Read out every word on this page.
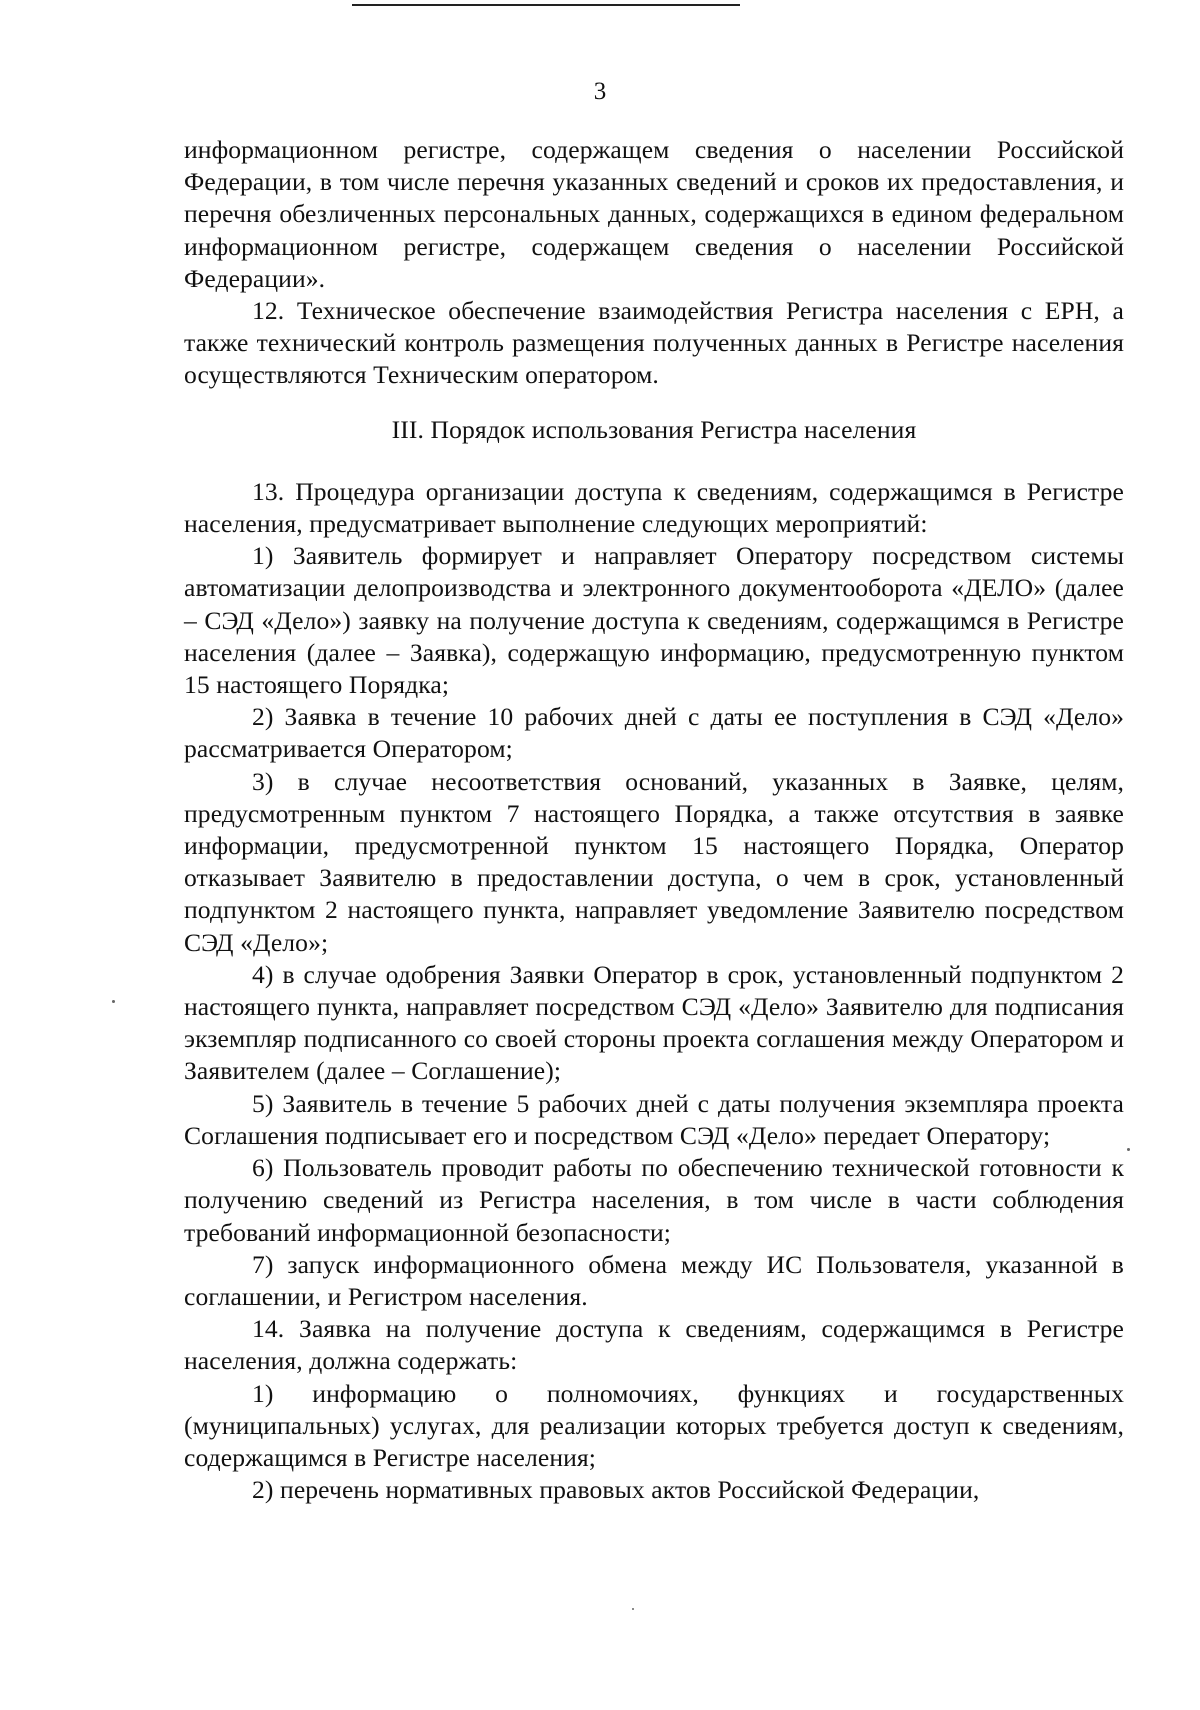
3

информационном регистре, содержащем сведения о населении Российской Федерации, в том числе перечня указанных сведений и сроков их предоставления, и перечня обезличенных персональных данных, содержащихся в едином федеральном информационном регистре, содержащем сведения о населении Российской Федерации».

12. Техническое обеспечение взаимодействия Регистра населения с ЕРН, а также технический контроль размещения полученных данных в Регистре населения осуществляются Техническим оператором.

III. Порядок использования Регистра населения

13. Процедура организации доступа к сведениям, содержащимся в Регистре населения, предусматривает выполнение следующих мероприятий:

1) Заявитель формирует и направляет Оператору посредством системы автоматизации делопроизводства и электронного документооборота «ДЕЛО» (далее – СЭД «Дело») заявку на получение доступа к сведениям, содержащимся в Регистре населения (далее – Заявка), содержащую информацию, предусмотренную пунктом 15 настоящего Порядка;

2) Заявка в течение 10 рабочих дней с даты ее поступления в СЭД «Дело» рассматривается Оператором;

3) в случае несоответствия оснований, указанных в Заявке, целям, предусмотренным пунктом 7 настоящего Порядка, а также отсутствия в заявке информации, предусмотренной пунктом 15 настоящего Порядка, Оператор отказывает Заявителю в предоставлении доступа, о чем в срок, установленный подпунктом 2 настоящего пункта, направляет уведомление Заявителю посредством СЭД «Дело»;

4) в случае одобрения Заявки Оператор в срок, установленный подпунктом 2 настоящего пункта, направляет посредством СЭД «Дело» Заявителю для подписания экземпляр подписанного со своей стороны проекта соглашения между Оператором и Заявителем (далее – Соглашение);

5) Заявитель в течение 5 рабочих дней с даты получения экземпляра проекта Соглашения подписывает его и посредством СЭД «Дело» передает Оператору;

6) Пользователь проводит работы по обеспечению технической готовности к получению сведений из Регистра населения, в том числе в части соблюдения требований информационной безопасности;

7) запуск информационного обмена между ИС Пользователя, указанной в соглашении, и Регистром населения.

14. Заявка на получение доступа к сведениям, содержащимся в Регистре населения, должна содержать:

1) информацию о полномочиях, функциях и государственных (муниципальных) услугах, для реализации которых требуется доступ к сведениям, содержащимся в Регистре населения;

2) перечень нормативных правовых актов Российской Федерации,
